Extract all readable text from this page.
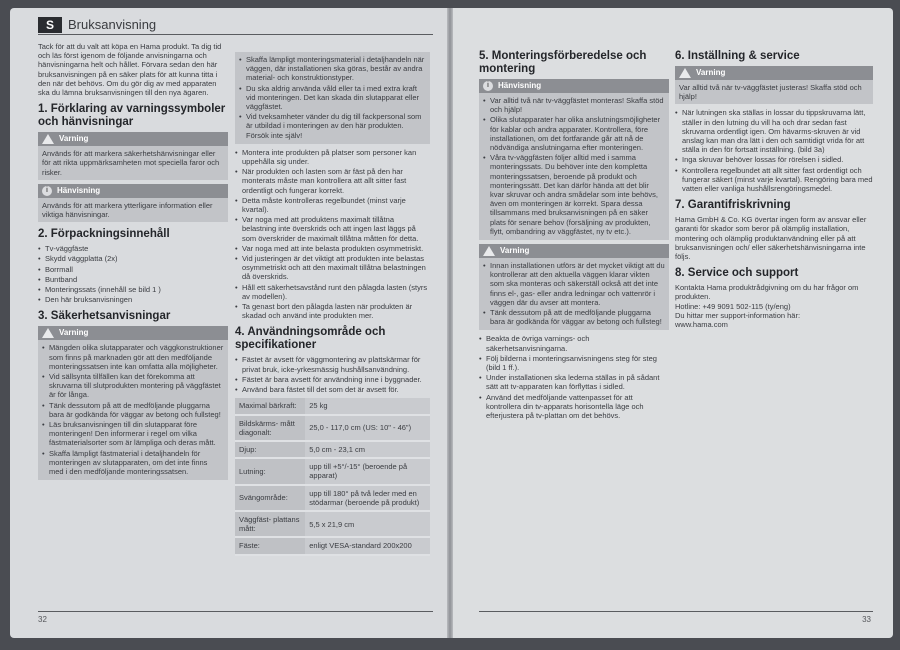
S	Bruksanvisning

Tack för att du valt att köpa en Hama produkt. Ta dig tid och läs först igenom de följande anvisningarna och hänvisningarna helt och hållet. Förvara sedan den här bruksanvisningen på en säker plats för att kunna titta i den när det behövs. Om du gör dig av med apparaten ska du lämna bruksanvisningen till den nya ägaren.

1. Förklaring av varningssymboler och hänvisningar
Varning
Används för att markera säkerhetshänvisningar eller för att rikta uppmärksamheten mot speciella faror och risker.
i	Hänvisning
Används för att markera ytterligare information eller viktiga hänvisningar.
2. Förpackningsinnehåll
• Tv-väggfäste
• Skydd väggplatta (2x)
• Borrmall
• Buntband
• Monteringssats (innehåll se bild 1 )
• Den här bruksanvisningen
3. Säkerhetsanvisningar
Varning
• Mängden olika slutapparater och väggkonstruktioner som finns på marknaden gör att den medföljande monteringssatsen inte kan omfatta alla möjligheter.
• Vid sällsynta tillfällen kan det förekomma att skruvarna till slutprodukten montering på väggfästet är för långa.
• Tänk dessutom på att de medföljande pluggarna bara är godkända för väggar av betong och fullsteg!
• Läs bruksanvisningen till din slutapparat före monteringen! Den informerar i regel om vilka fästmaterialsorter som är lämpliga och deras mått.
• Skaffa lämpligt fästmaterial i detaljhandeln för monteringen av slutapparaten, om det inte finns med i den medföljande monteringssatsen.
• Skaffa lämpligt monteringsmaterial i detaljhandeln när väggen, där installationen ska göras, består av andra material- och konstruktionstyper.
• Du ska aldrig använda våld eller ta i med extra kraft vid monteringen. Det kan skada din slutapparat eller väggfästet.
• Vid tveksamheter vänder du dig till fackpersonal som är utbildad i monteringen av den här produkten. Försök inte själv!
• Montera inte produkten på platser som personer kan uppehålla sig under.
• När produkten och lasten som är fäst på den har monterats måste man kontrollera att allt sitter fast ordentligt och fungerar korrekt.
• Detta måste kontrolleras regelbundet (minst varje kvartal).
• Var noga med att produktens maximalt tillåtna belastning inte överskrids och att ingen last läggs på som överskrider de maximalt tillåtna måtten för detta.
• Var noga med att inte belasta produkten osymmetriskt.
• Vid justeringen är det viktigt att produkten inte belastas osymmetriskt och att den maximalt tillåtna belastningen då överskrids.
• Håll ett säkerhetsavstånd runt den pålagda lasten (styrs av modellen).
• Ta genast bort den pålagda lasten när produkten är skadad och använd inte produkten mer.
4. Användningsområde och specifikationer
• Fästet är avsett för väggmontering av plattskärmar för privat bruk, icke-yrkesmässig hushållsanvändning.
• Fästet är bara avsett för användning inne i byggnader.
• Använd bara fästet till det som det är avsett för.
Maximal bärkraft:	25 kg
Bildskärms- mått diagonalt:	25,0 - 117,0 cm (US: 10" - 46")
Djup:	5,0 cm - 23,1 cm
Lutning:	upp till +5°/-15° (beroende på apparat)
Svängområde:	upp till 180° på två leder med en stödarmar (beroende på produkt)
Väggfäst- plattans mått:	5,5 x 21,9 cm
Fäste:	enligt VESA-standard 200x200
32
5. Monteringsförberedelse och montering
i	Hänvisning
• Var alltid två när tv-väggfästet monteras! Skaffa stöd och hjälp!
• Olika slutapparater har olika anslutningsmöjligheter för kablar och andra apparater. Kontrollera, före installationen, om det fortfarande går att nå de nödvändiga anslutningarna efter monteringen.
• Våra tv-väggfästen följer alltid med i samma monteringssats. Du behöver inte den kompletta monteringssatsen, beroende på produkt och monteringssätt. Det kan därför hända att det blir kvar skruvar och andra smådelar som inte behövs, även om monteringen är korrekt. Spara dessa tillsammans med bruksanvisningen på en säker plats för senare behov (forsäljning av produkten, flytt, ombandring av väggfästet, ny tv etc.).
Varning
• Innan installationen utförs är det mycket viktigt att du kontrollerar att den aktuella väggen klarar vikten som ska monteras och säkerställ också att det inte finns el-, gas- eller andra ledningar och vattenrör i väggen där du avser att montera.
• Tänk dessutom på att de medföljande pluggarna bara är godkända för väggar av betong och fullsteg!
• Beakta de övriga varnings- och säkerhetsanvisningarna.
• Följ bilderna i monteringsanvisningens steg för steg (bild 1 ff.).
• Under installationen ska lederna ställas in på sådant sätt att tv-apparaten kan förflyttas i sidled.
• Använd det medföljande vattenpasset för att kontrollera din tv-apparats horisontella läge och efterjustera på tv-plattan om det behövs.
6. Inställning & service
Varning
Var alltid två när tv-väggfästet justeras! Skaffa stöd och hjälp!
• När lutningen ska ställas in lossar du tippskruvarna lätt, ställer in den lutning du vill ha och drar sedan fast skruvarna ordentligt igen. Om hävarms-skruven är vid anslag kan man dra lätt i den och samtidigt vrida för att ställa in den för fortsatt inställning. (bild 3a)
• Inga skruvar behöver lossas för rörelsen i sidled.
• Kontrollera regelbundet att allt sitter fast ordentligt och fungerar säkert (minst varje kvartal). Rengöring bara med vatten eller vanliga hushållsrengöringsmedel.
7. Garantifriskrivning

Hama GmbH & Co. KG övertar ingen form av ansvar eller garanti för skador som beror på olämplig installation, montering och olämplig produktanvändning eller på att bruksanvisningen och/ eller säkerhetshänvisningarna inte följs.

8. Service och support

Kontakta Hama produktrådgivning om du har frågor om produkten.

Hotline: +49 9091 502-115 (ty/eng)

Du hittar mer support-information här:

www.hama.com

33
